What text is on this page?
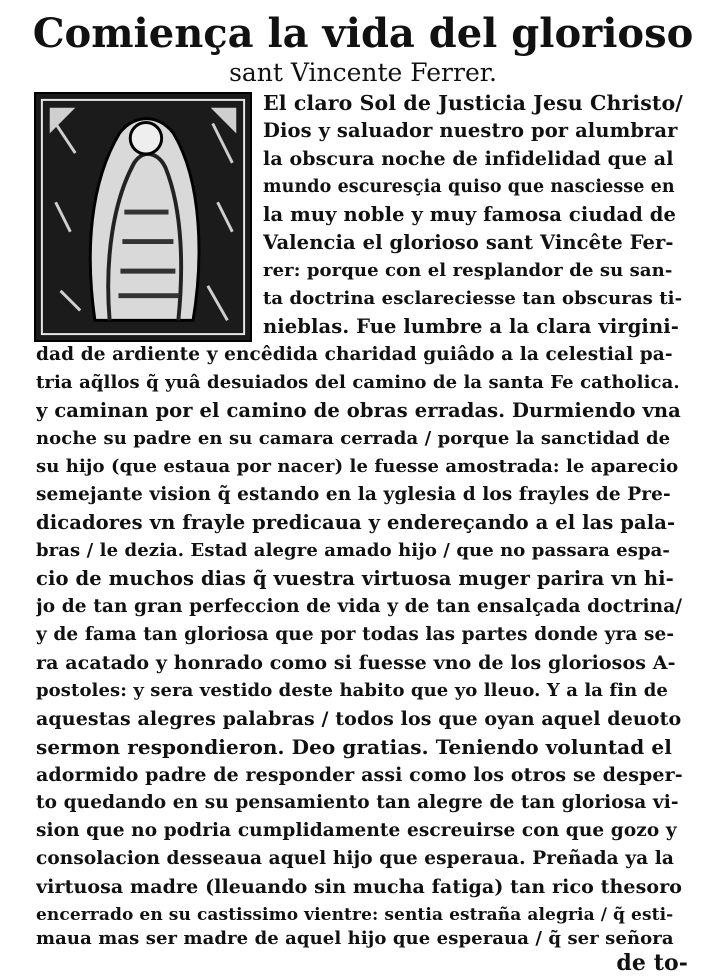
Comiença la vida del glorioso
sant Vincente Ferrer.
El claro Sol de Justicia Jesu Christo/
Dios y saluador nuestro por alumbrar
la obscura noche de infidelidad que al
mundo escuresçia quiso que nasciesse en
la muy noble y muy famosa ciudad de
Valencia el glorioso sant Vincête Fer-
rer: porque con el resplandor de su san-
ta doctrina esclareciesse tan obscuras ti-
nieblas. Fue lumbre a la clara virgini-
dad de ardiente y encêdida charidad guiâdo a la celestial pa-
tria aq̃llos q̃ yuâ desuiados del camino de la santa Fe catholica.
y caminan por el camino de obras erradas. Durmiendo vna
noche su padre en su camara cerrada / porque la sanctidad de
su hijo (que estaua por nacer) le fuesse amostrada: le aparecio
semejante vision q̃ estando en la yglesia d los frayles de Pre-
dicadores vn frayle predicaua y endereçando a el las pala-
bras / le dezia. Estad alegre amado hijo / que no passara espa-
cio de muchos dias q̃ vuestra virtuosa muger parira vn hi-
jo de tan gran perfeccion de vida y de tan ensalçada doctrina/
y de fama tan gloriosa que por todas las partes donde yra se-
ra acatado y honrado como si fuesse vno de los gloriosos A-
postoles: y sera vestido deste habito que yo lleuo. Y a la fin de
aquestas alegres palabras / todos los que oyan aquel deuoto
sermon respondieron. Deo gratias. Teniendo voluntad el
adormido padre de responder assi como los otros se desper-
to quedando en su pensamiento tan alegre de tan gloriosa vi-
sion que no podria cumplidamente escreuirse con que gozo y
consolacion desseaua aquel hijo que esperaua. Preñada ya la
virtuosa madre (lleuando sin mucha fatiga) tan rico thesoro
encerrado en su castissimo vientre: sentia estraña alegria / q̃ esti-
maua mas ser madre de aquel hijo que esperaua / q̃ ser señora
de to-
